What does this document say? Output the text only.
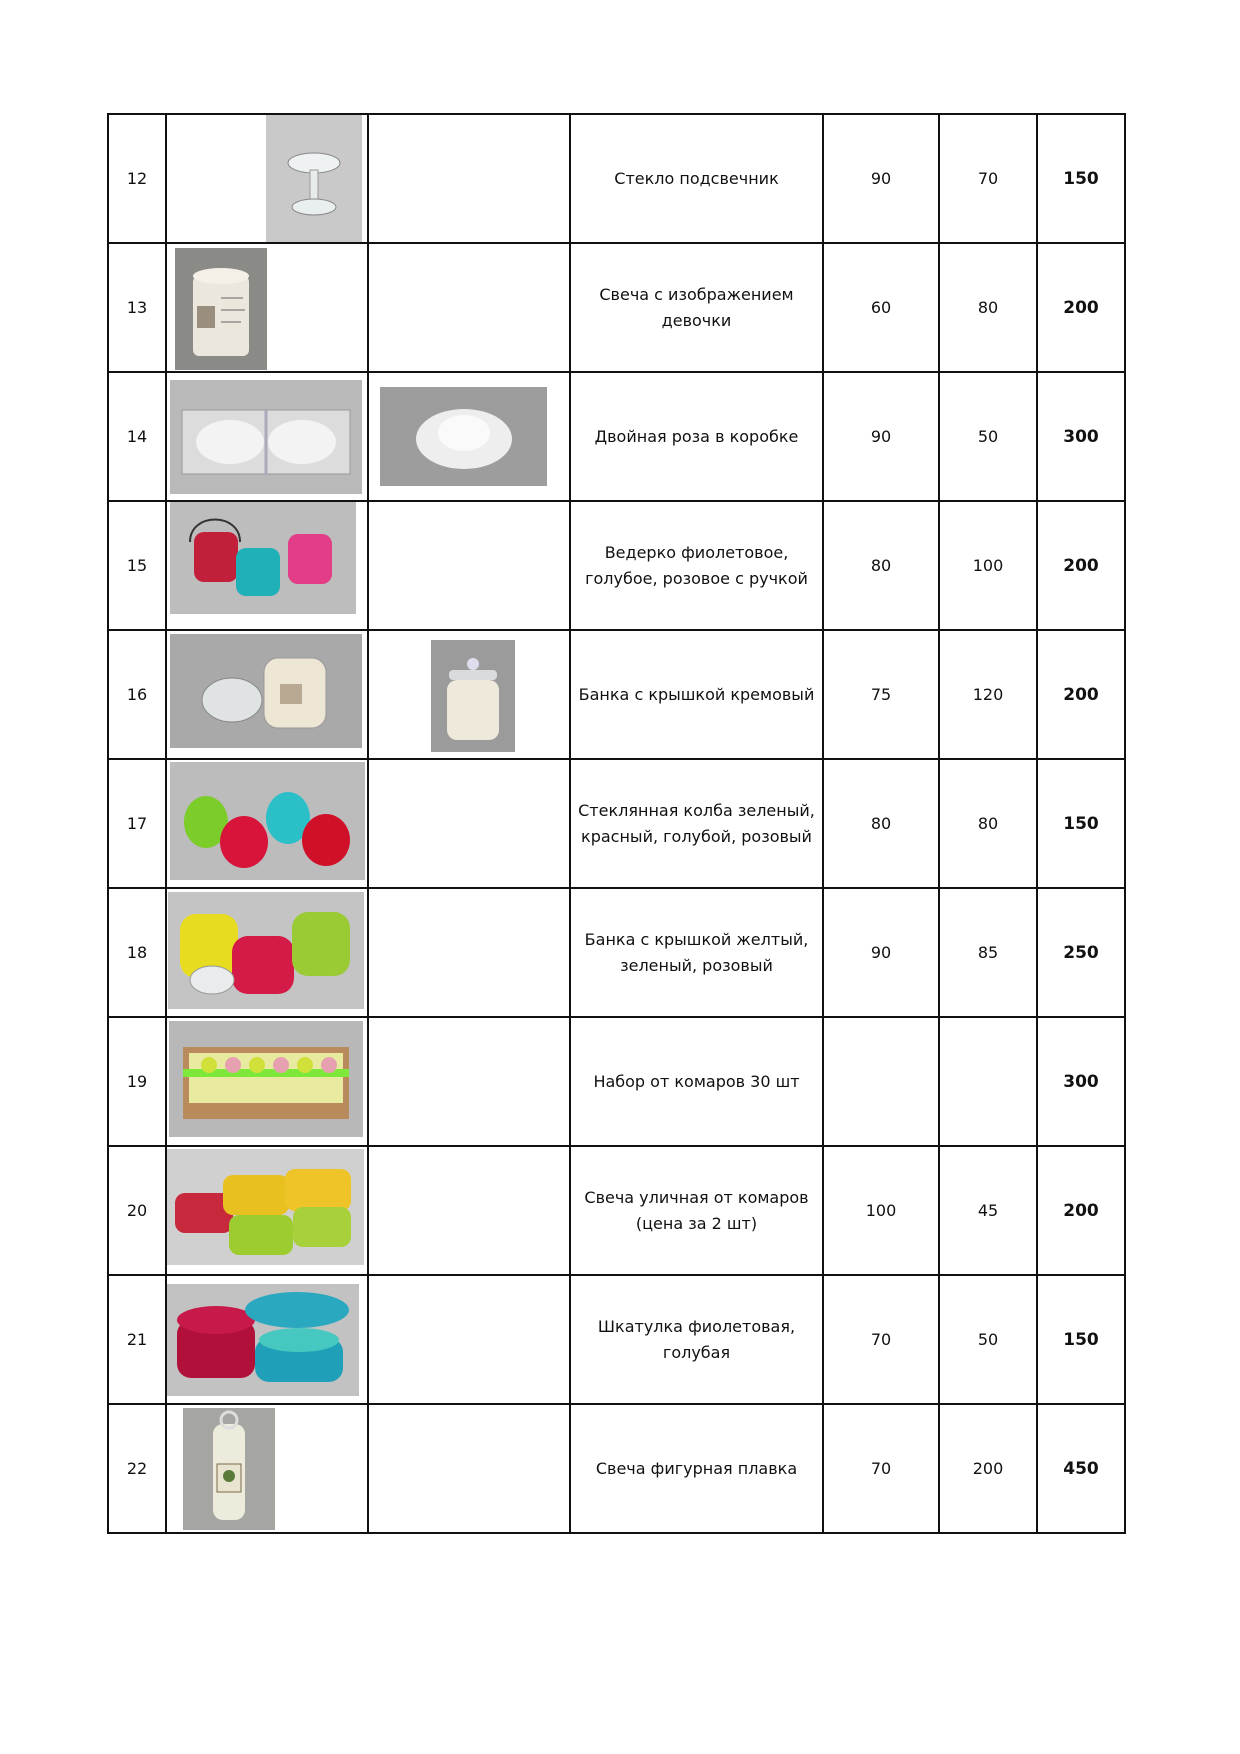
12			Стекло подсвечник	90	70	150
13			Свеча с изображением девочки	60	80	200
14			Двойная роза в коробке	90	50	300
15			Ведерко фиолетовое, голубое, розовое с ручкой	80	100	200
16			Банка с крышкой кремовый	75	120	200
17			Стеклянная колба зеленый, красный, голубой, розовый	80	80	150
18			Банка с крышкой желтый, зеленый, розовый	90	85	250
19			Набор от комаров 30 шт			300
20			Свеча уличная от комаров (цена за 2 шт)	100	45	200
21			Шкатулка фиолетовая, голубая	70	50	150
22			Свеча фигурная плавка	70	200	450
